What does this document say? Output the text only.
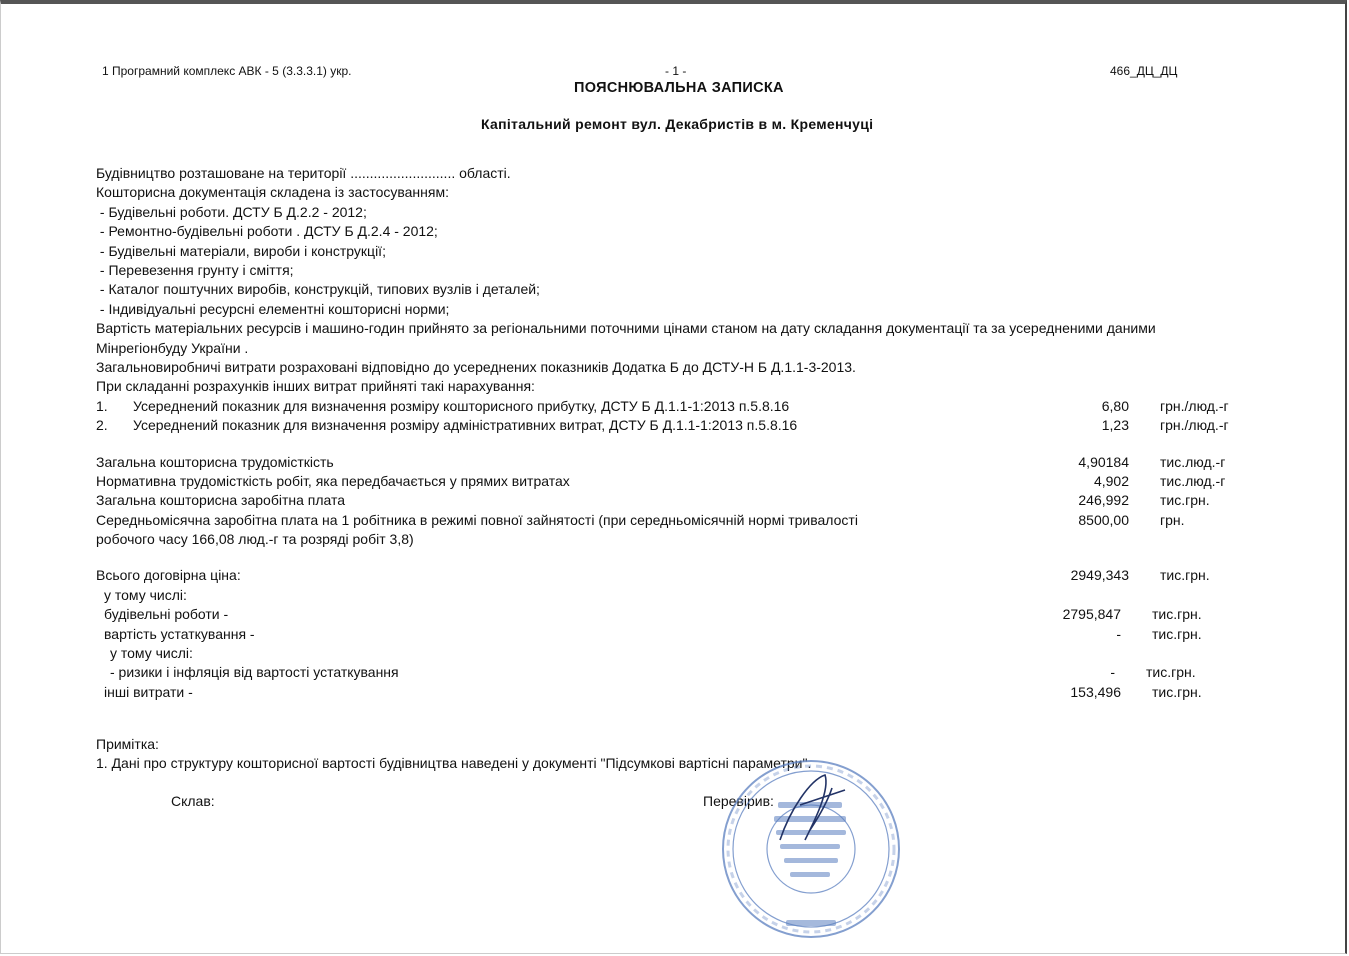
1 Програмний комплекс АВК - 5 (3.3.3.1) укр.	- 1 -	466_ДЦ_ДЦ
ПОЯСНЮВАЛЬНА ЗАПИСКА
Капітальний ремонт вул. Декабристів в м. Кременчуці
Будівництво розташоване на території ........................... області.
Кошторисна документація складена із застосуванням:
- Будівельні роботи. ДСТУ Б Д.2.2 - 2012;
- Ремонтно-будівельні роботи . ДСТУ Б Д.2.4 - 2012;
- Будівельні матеріали, вироби і конструкції;
- Перевезення грунту і сміття;
- Каталог поштучних виробів, конструкцій, типових вузлів і деталей;
- Індивідуальні ресурсні елементні кошторисні норми;
Вартість матеріальних ресурсів і машино-годин прийнято за регіональними поточними цінами станом на дату складання документації та за усередненими даними Мінрегіонбуду України .
Загальновиробничі витрати розраховані відповідно до усереднених показників Додатка Б до ДСТУ-Н Б Д.1.1-3-2013.
При складанні розрахунків інших витрат прийняті такі нарахування:
1. Усереднений показник для визначення розміру кошторисного прибутку, ДСТУ Б Д.1.1-1:2013 п.5.8.16	6,80 грн./люд.-г
2. Усереднений показник для визначення розміру адміністративних витрат, ДСТУ Б Д.1.1-1:2013 п.5.8.16	1,23 грн./люд.-г
Загальна кошторисна трудомісткість	4,90184 тис.люд.-г
Нормативна трудомісткість робіт, яка передбачається у прямих витратах	4,902 тис.люд.-г
Загальна кошторисна заробітна плата	246,992 тис.грн.
Середньомісячна заробітна плата на 1 робітника в режимі повної зайнятості (при середньомісячній нормі тривалості	8500,00 грн.
робочого часу 166,08 люд.-г та розряді робіт 3,8)
Всього договірна ціна:	2949,343 тис.грн.
у тому числі:
будівельні роботи -	2795,847 тис.грн.
вартість устаткування -	- тис.грн.
у тому числі:
- ризики і інфляція від вартості устаткування	- тис.грн.
інші витрати -	153,496 тис.грн.
Примітка:
1. Дані про структуру кошторисної вартості будівництва наведені у документі "Підсумкові вартісні параметри".
Склав:	Перевірив:
